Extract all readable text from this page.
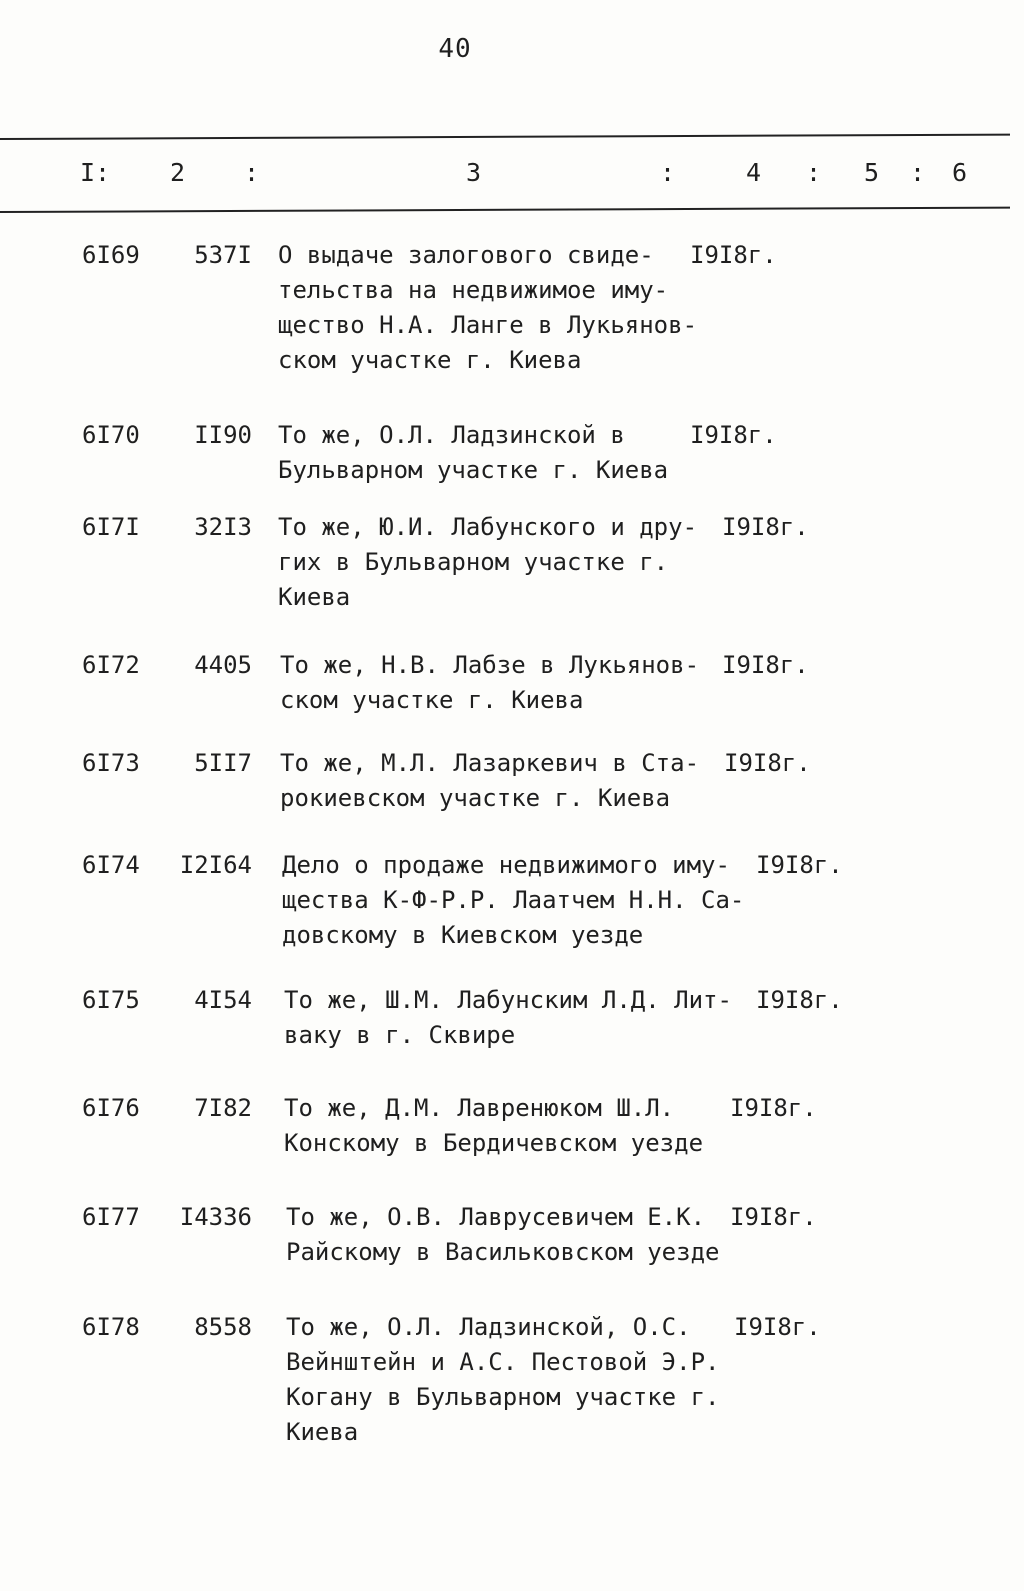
40
I: 2 :	3	:	4 : 5 : 6
6I69	537I О выдаче залогового свиде-
тельства на недвижимое иму-
щество Н.А. Ланге в Лукьянов-
ском участке г. Киева
I9I8г.
6I70	II90 То же, О.Л. Ладзинской в
Бульварном участке г. Киева
I9I8г.
6I7I	32I3 То же, Ю.И. Лабунского и дру-
гих в Бульварном участке г.
Киева
I9I8г.
6I72	4405 То же, Н.В. Лабзе в Лукьянов-
ском участке г. Киева
I9I8г.
6I73	5II7 То же, М.Л. Лазаркевич в Ста-
рокиевском участке г. Киева
I9I8г.
6I74	I2I64 Дело о продаже недвижимого иму-
щества К-Ф-Р.Р. Лаатчем Н.Н. Са-
довскому в Киевском уезде
I9I8г.
6I75	4I54 То же, Ш.М. Лабунским Л.Д. Лит-
ваку в г. Сквире
I9I8г.
6I76	7I82 То же, Д.М. Лавренюком Ш.Л.
Конскому в Бердичевском уезде
I9I8г.
6I77	I4336 То же, О.В. Лаврусевичем Е.К.
Райскому в Васильковском уезде
I9I8г.
6I78	8558 То же, О.Л. Ладзинской, О.С.
Вейнштейн и А.С. Пестовой Э.Р.
Когану в Бульварном участке г.
Киева
I9I8г.
